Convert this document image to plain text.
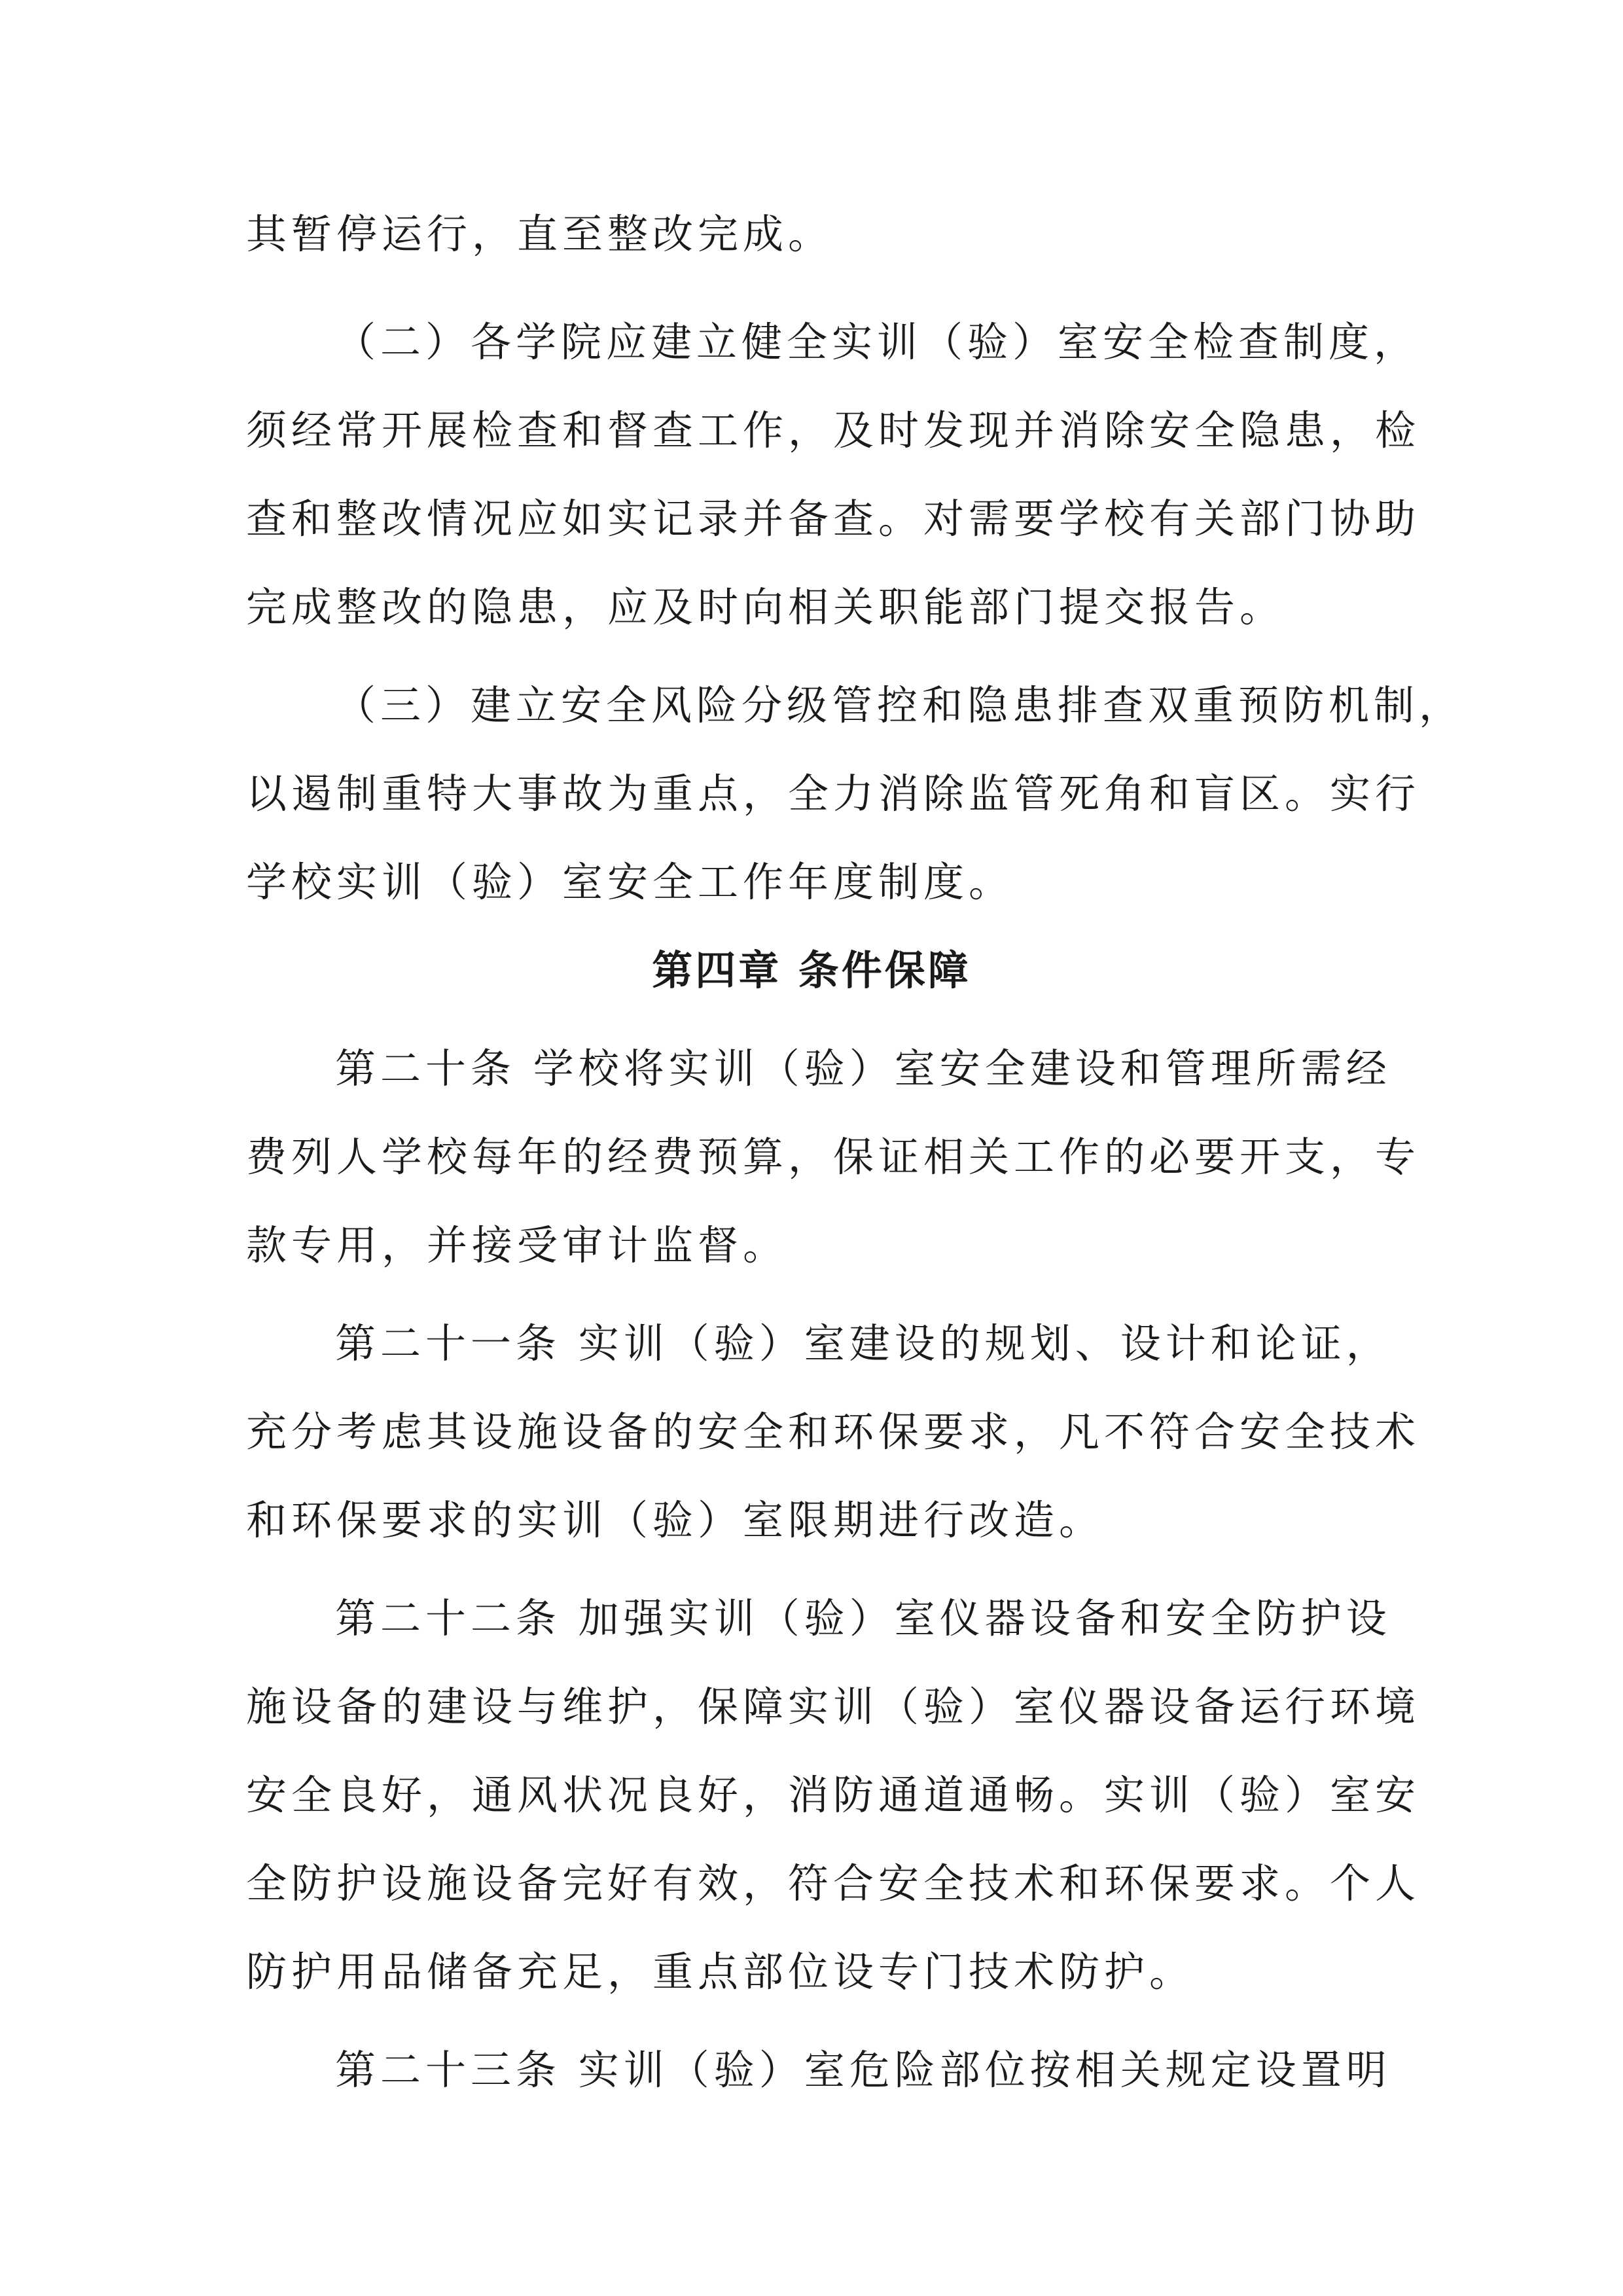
其暂停运行，直至整改完成。
（二）各学院应建立健全实训（验）室安全检查制度，
须经常开展检查和督查工作，及时发现并消除安全隐患，检
查和整改情况应如实记录并备查。对需要学校有关部门协助
完成整改的隐患，应及时向相关职能部门提交报告。
（三）建立安全风险分级管控和隐患排查双重预防机制，
以遏制重特大事故为重点，全力消除监管死角和盲区。实行
学校实训（验）室安全工作年度制度。
第四章 条件保障
第二十条 学校将实训（验）室安全建设和管理所需经
费列人学校每年的经费预算，保证相关工作的必要开支，专
款专用，并接受审计监督。
第二十一条 实训（验）室建设的规划、设计和论证，
充分考虑其设施设备的安全和环保要求，凡不符合安全技术
和环保要求的实训（验）室限期进行改造。
第二十二条 加强实训（验）室仪器设备和安全防护设
施设备的建设与维护，保障实训（验）室仪器设备运行环境
安全良好，通风状况良好，消防通道通畅。实训（验）室安
全防护设施设备完好有效，符合安全技术和环保要求。个人
防护用品储备充足，重点部位设专门技术防护。
第二十三条 实训（验）室危险部位按相关规定设置明
